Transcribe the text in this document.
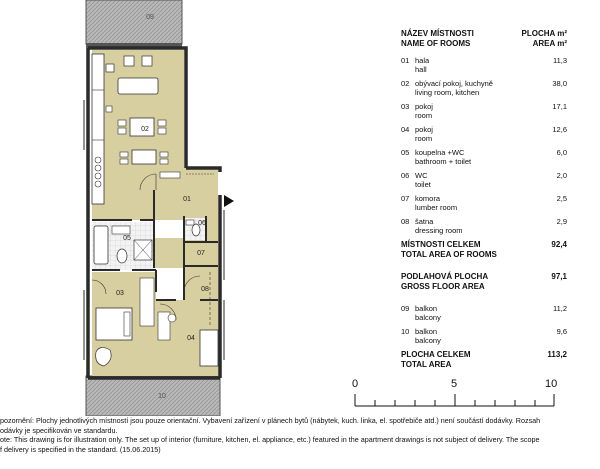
09
02
01
05
06
07
08
03
04
10
NÁZEV MÍSTNOSTI
NAME OF ROOMS
PLOCHA m²
AREA m²
01 hala
hall
11,3
02 obývací pokoj, kuchyně
living room, kitchen
38,0
03 pokoj
room
17,1
04 pokoj
room
12,6
05 koupelna +WC
bathroom + toilet
6,0
06 WC
toilet
2,0
07 komora
lumber room
2,5
08 šatna
dressing room
2,9
MÍSTNOSTI CELKEM
TOTAL AREA OF ROOMS
92,4
PODLAHOVÁ PLOCHA
GROSS FLOOR AREA
97,1
09 balkon
balcony
11,2
10 balkon
balcony
9,6
PLOCHA CELKEM
TOTAL AREA
113,2
0	5	10
pozornění: Plochy jednotlivých místností jsou pouze orientační. Vybavení zařízení v plánech bytů (nábytek, kuch. linka, el. spotřebiče atd.) není součástí dodávky. Rozsah
odávky je specifikován ve standardu.
ote: This drawing is for illustration only. The set up of interior (furniture, kitchen, el. appliance, etc.) featured in the apartment drawings is not subject of delivery. The scope
f delivery is specified in the standard. (15.06.2015)
